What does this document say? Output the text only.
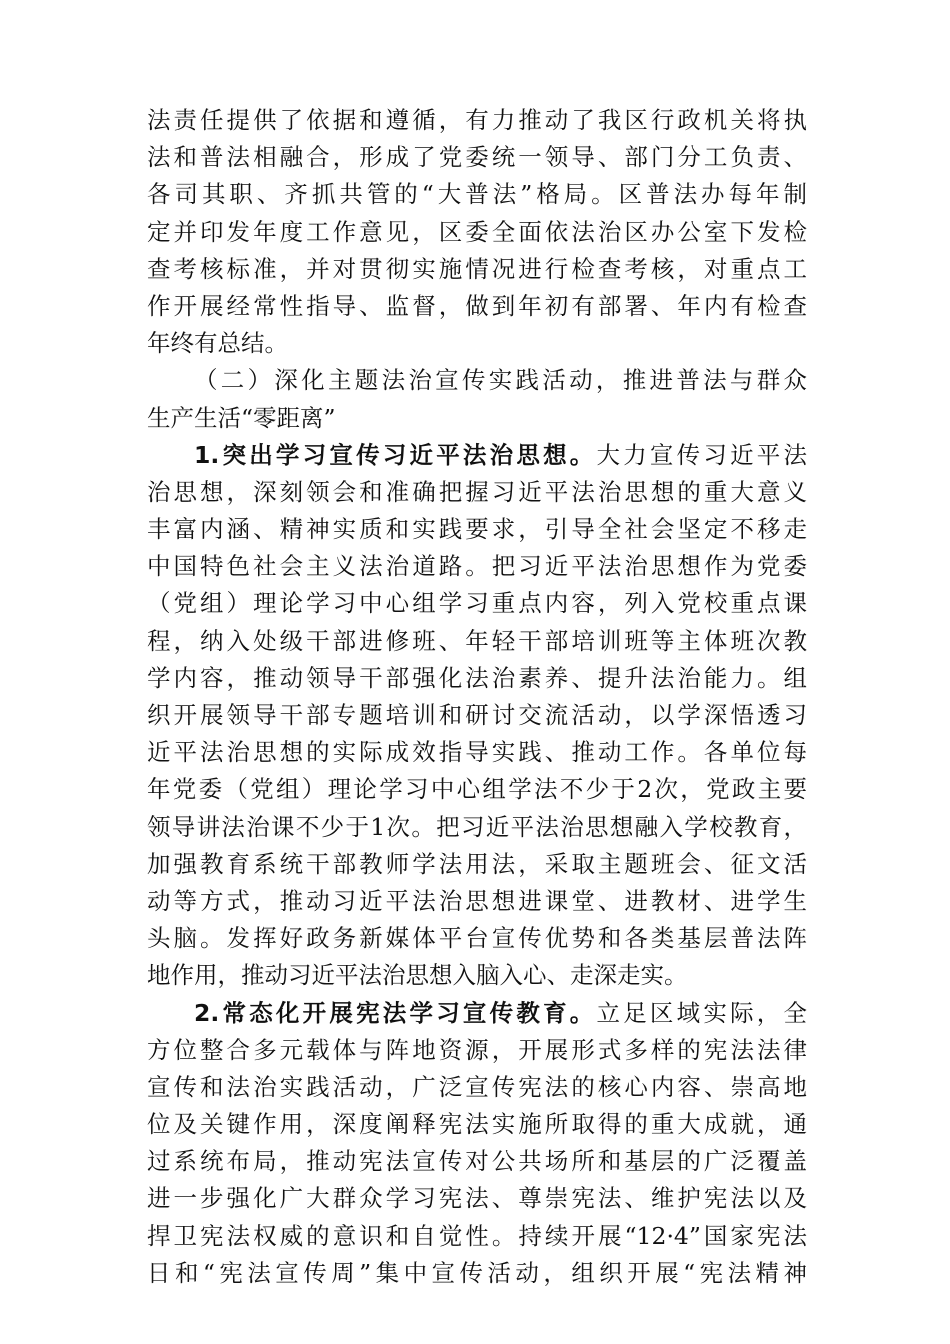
法责任提供了依据和遵循，有力推动了我区行政机关将执
法和普法相融合，形成了党委统一领导、部门分工负责、
各司其职、齐抓共管的“大普法”格局。区普法办每年制
定并印发年度工作意见，区委全面依法治区办公室下发检
查考核标准，并对贯彻实施情况进行检查考核，对重点工
作开展经常性指导、监督，做到年初有部署、年内有检查
年终有总结。
（二）深化主题法治宣传实践活动，推进普法与群众
生产生活“零距离”
1.突出学习宣传习近平法治思想。大力宣传习近平法
治思想，深刻领会和准确把握习近平法治思想的重大意义
丰富内涵、精神实质和实践要求，引导全社会坚定不移走
中国特色社会主义法治道路。把习近平法治思想作为党委
（党组）理论学习中心组学习重点内容，列入党校重点课
程，纳入处级干部进修班、年轻干部培训班等主体班次教
学内容，推动领导干部强化法治素养、提升法治能力。组
织开展领导干部专题培训和研讨交流活动，以学深悟透习
近平法治思想的实际成效指导实践、推动工作。各单位每
年党委（党组）理论学习中心组学法不少于2次，党政主要
领导讲法治课不少于1次。把习近平法治思想融入学校教育，
加强教育系统干部教师学法用法，采取主题班会、征文活
动等方式，推动习近平法治思想进课堂、进教材、进学生
头脑。发挥好政务新媒体平台宣传优势和各类基层普法阵
地作用，推动习近平法治思想入脑入心、走深走实。
2.常态化开展宪法学习宣传教育。立足区域实际，全
方位整合多元载体与阵地资源，开展形式多样的宪法法律
宣传和法治实践活动，广泛宣传宪法的核心内容、崇高地
位及关键作用，深度阐释宪法实施所取得的重大成就，通
过系统布局，推动宪法宣传对公共场所和基层的广泛覆盖
进一步强化广大群众学习宪法、尊崇宪法、维护宪法以及
捍卫宪法权威的意识和自觉性。持续开展“12·4”国家宪法
日和“宪法宣传周”集中宣传活动，组织开展“宪法精神
